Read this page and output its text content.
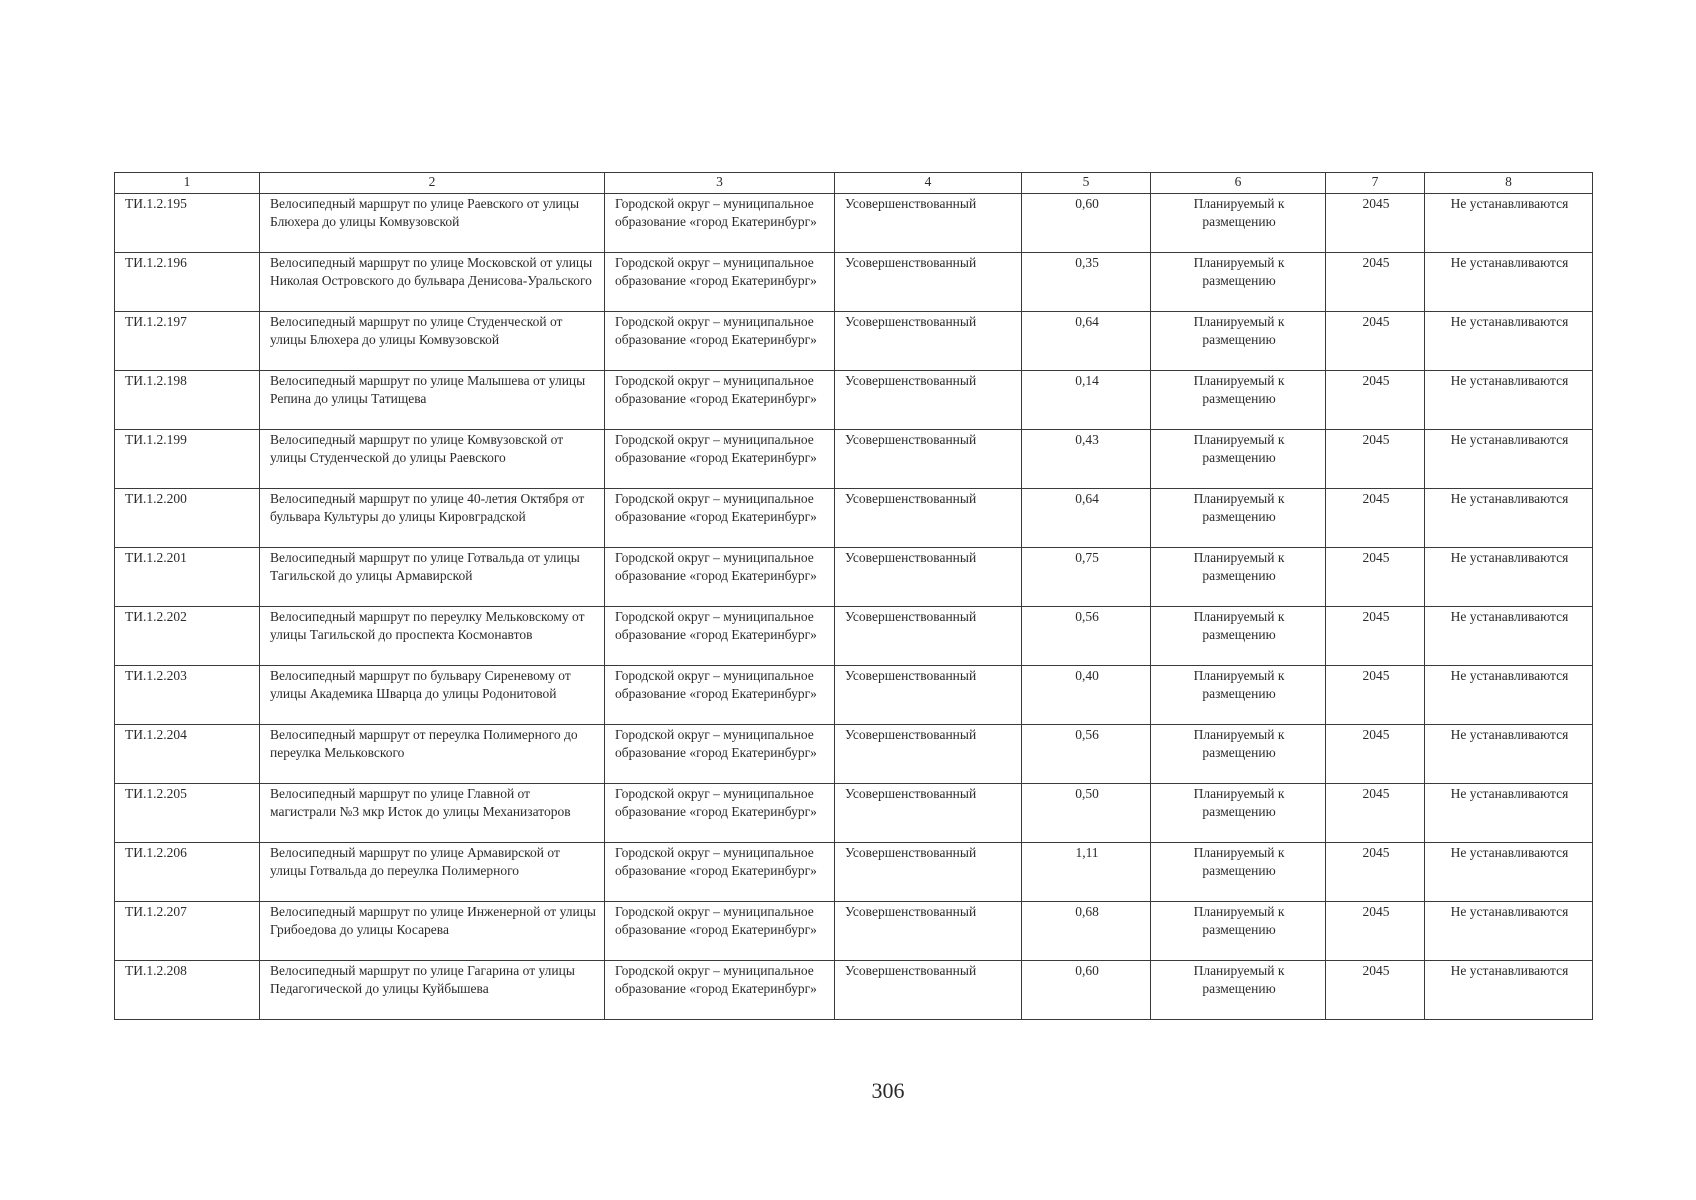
1	2	3	4	5	6	7	8
ТИ.1.2.195	Велосипедный маршрут по улице Раевского от улицы Блюхера до улицы Комвузовской	Городской округ – муниципальное образование «город Екатеринбург»	Усовершенствованный	0,60	Планируемый к размещению	2045	Не устанавливаются
ТИ.1.2.196	Велосипедный маршрут по улице Московской от улицы Николая Островского до бульвара Денисова-Уральского	Городской округ – муниципальное образование «город Екатеринбург»	Усовершенствованный	0,35	Планируемый к размещению	2045	Не устанавливаются
ТИ.1.2.197	Велосипедный маршрут по улице Студенческой от улицы Блюхера до улицы Комвузовской	Городской округ – муниципальное образование «город Екатеринбург»	Усовершенствованный	0,64	Планируемый к размещению	2045	Не устанавливаются
ТИ.1.2.198	Велосипедный маршрут по улице Малышева от улицы Репина до улицы Татищева	Городской округ – муниципальное образование «город Екатеринбург»	Усовершенствованный	0,14	Планируемый к размещению	2045	Не устанавливаются
ТИ.1.2.199	Велосипедный маршрут по улице Комвузовской от улицы Студенческой до улицы Раевского	Городской округ – муниципальное образование «город Екатеринбург»	Усовершенствованный	0,43	Планируемый к размещению	2045	Не устанавливаются
ТИ.1.2.200	Велосипедный маршрут по улице 40-летия Октября от бульвара Культуры до улицы Кировградской	Городской округ – муниципальное образование «город Екатеринбург»	Усовершенствованный	0,64	Планируемый к размещению	2045	Не устанавливаются
ТИ.1.2.201	Велосипедный маршрут по улице Готвальда от улицы Тагильской до улицы Армавирской	Городской округ – муниципальное образование «город Екатеринбург»	Усовершенствованный	0,75	Планируемый к размещению	2045	Не устанавливаются
ТИ.1.2.202	Велосипедный маршрут по переулку Мельковскому от улицы Тагильской до проспекта Космонавтов	Городской округ – муниципальное образование «город Екатеринбург»	Усовершенствованный	0,56	Планируемый к размещению	2045	Не устанавливаются
ТИ.1.2.203	Велосипедный маршрут по бульвару Сиреневому от улицы Академика Шварца до улицы Родонитовой	Городской округ – муниципальное образование «город Екатеринбург»	Усовершенствованный	0,40	Планируемый к размещению	2045	Не устанавливаются
ТИ.1.2.204	Велосипедный маршрут от переулка Полимерного до переулка Мельковского	Городской округ – муниципальное образование «город Екатеринбург»	Усовершенствованный	0,56	Планируемый к размещению	2045	Не устанавливаются
ТИ.1.2.205	Велосипедный маршрут по улице Главной от магистрали №3 мкр Исток до улицы Механизаторов	Городской округ – муниципальное образование «город Екатеринбург»	Усовершенствованный	0,50	Планируемый к размещению	2045	Не устанавливаются
ТИ.1.2.206	Велосипедный маршрут по улице Армавирской от улицы Готвальда до переулка Полимерного	Городской округ – муниципальное образование «город Екатеринбург»	Усовершенствованный	1,11	Планируемый к размещению	2045	Не устанавливаются
ТИ.1.2.207	Велосипедный маршрут по улице Инженерной от улицы Грибоедова до улицы Косарева	Городской округ – муниципальное образование «город Екатеринбург»	Усовершенствованный	0,68	Планируемый к размещению	2045	Не устанавливаются
ТИ.1.2.208	Велосипедный маршрут по улице Гагарина от улицы Педагогической до улицы Куйбышева	Городской округ – муниципальное образование «город Екатеринбург»	Усовершенствованный	0,60	Планируемый к размещению	2045	Не устанавливаются
306
